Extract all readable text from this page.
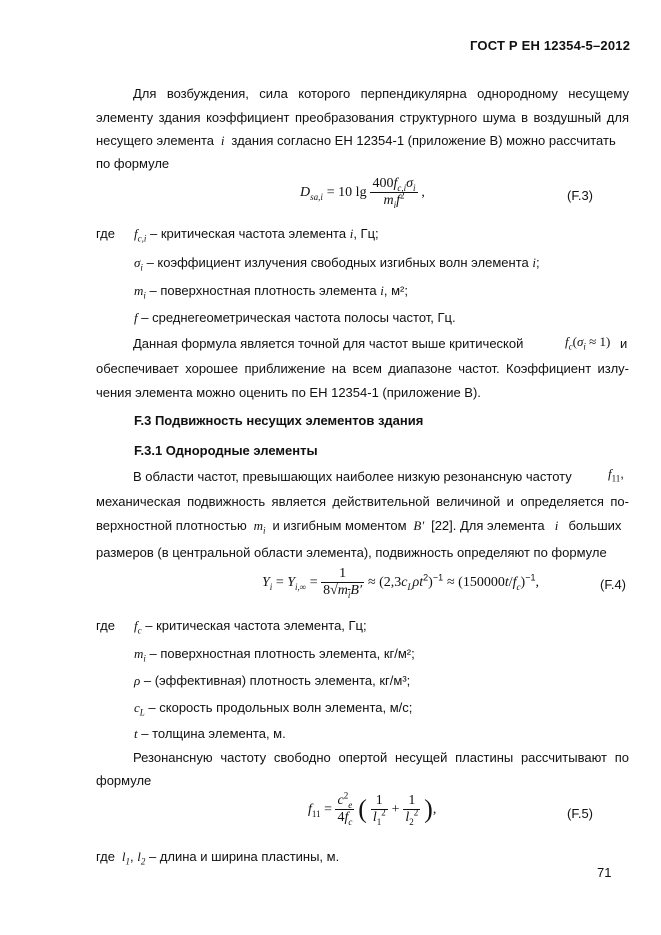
ГОСТ Р ЕН 12354-5–2012
Для возбуждения, сила которого перпендикулярна однородному несущему
элементу здания коэффициент преобразования структурного шума в воздушный для
несущего элемента  i  здания согласно ЕН 12354-1 (приложение В) можно рассчитать
по формуле
$D_{sa,i} = 10$ $\lg \frac{400f_{c,i}\sigma_i}{m_if^2}$ ,	(F.3)
где $f_{c,i}$ – критическая частота элемента i, Гц;
$\sigma_i$ – коэффициент излучения свободных изгибных волн элемента i;
$m_i$ – поверхностная плотность элемента i, м²;
f – среднегеометрическая частота полосы частот, Гц.
Данная формула является точной для частот выше критической	$f_c(\sigma_i \approx 1)$ и
обеспечивает хорошее приближение на всем диапазоне частот. Коэффициент излу-
чения элемента можно оценить по ЕН 12354-1 (приложение В).
F.3 Подвижность несущих элементов здания
F.3.1 Однородные элементы
В области частот, превышающих наиболее низкую резонансную частоту	$f_{11}$,
механическая подвижность является действительной величиной и определяется по-
верхностной плотностью  $m_i$ и изгибным моментом  B′  [22]. Для элемента   i   больших
размеров (в центральной области элемента), подвижность определяют по формуле
$Y_i = Y_{i,\infty} = \frac{1}{8√m_iB'} \approx (2,3c_L\rho t^2)^{-1} \approx (150000t/f_c)^{-1}$,	(F.4)
где $f_c$ – критическая частота элемента, Гц;
$m_i$ – поверхностная плотность элемента, кг/м²;
ρ – (эффективная) плотность элемента, кг/м³;
$c_L$ – скорость продольных волн элемента, м/с;
t – толщина элемента, м.
Резонансную частоту свободно опертой несущей пластины рассчитывают по
формуле
$f_{11} = \frac{c^2_e}{4f_c}$ ( $\frac{1}{l_1^2} + \frac{1}{l_2^2}$ ),	(F.5)
где  $l_1$, $l_2$ – длина и ширина пластины, м.
71
